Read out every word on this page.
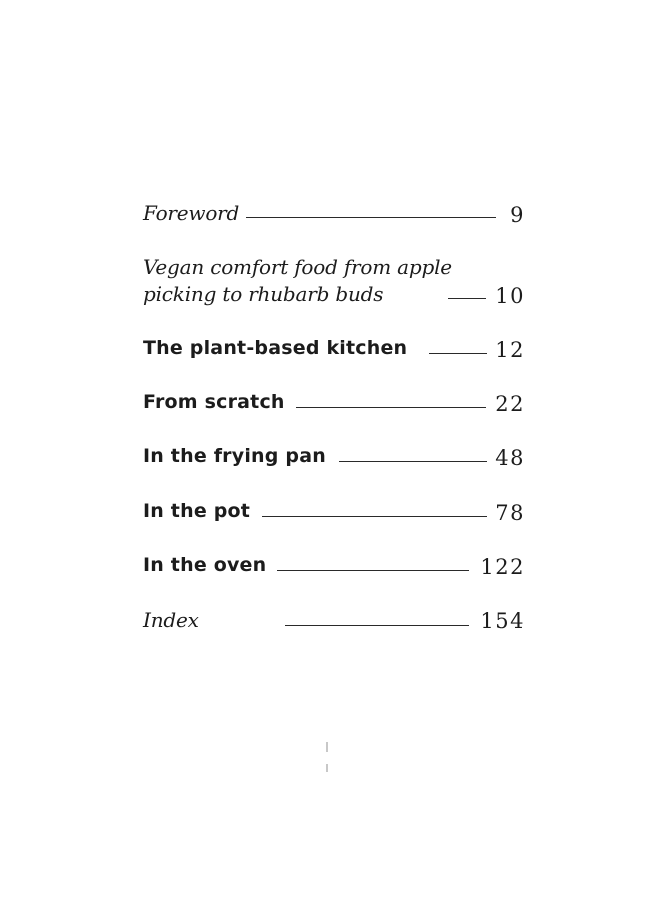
Foreword	9
Vegan comfort food from apple
picking to rhubarb buds	10
The plant-based kitchen	12
From scratch	22
In the frying pan	48
In the pot	78
In the oven	122
Index	154
